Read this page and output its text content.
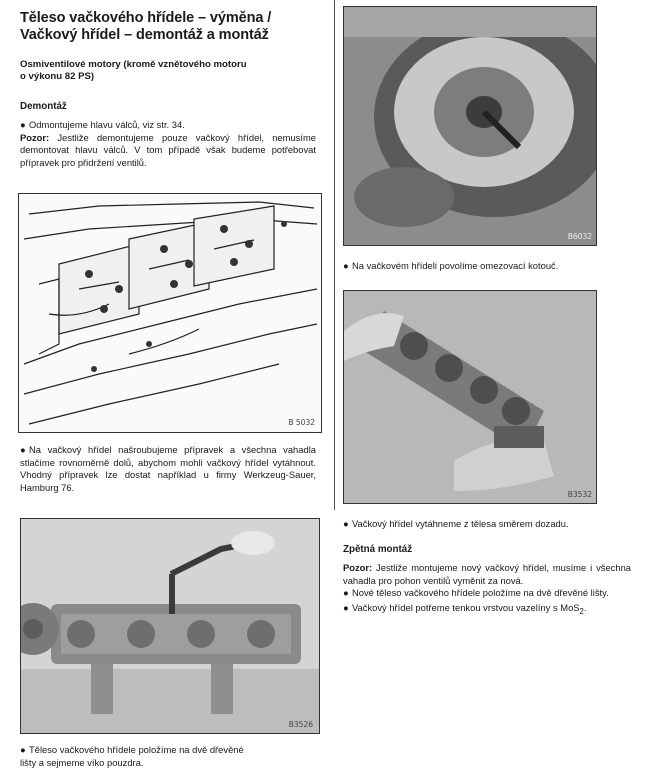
Těleso vačkového hřídele – výměna /
Vačkový hřídel – demontáž a montáž
Osmiventilové motory (kromě vznětového motoru
o výkonu 82 PS)
Demontáž

● Odmontujeme hlavu válců, viz str. 34.

Pozor: Jestliže demontujeme pouze vačkový hřídel, nemusíme demontovat hlavu válců. V tom případě však budeme potřebovat přípravek pro přidržení ventilů.

B 5032

● Na vačkový hřídel našroubujeme přípravek a všechna vahadla stlačíme rovnoměrně dolů, abychom mohli vačkový hřídel vytáhnout. Vhodný přípravek lze dostat například u firmy Werkzeug-Sauer, Hamburg 76.

B3526

● Těleso vačkového hřídele položíme na dvě dřevěné
lišty a sejmeme víko pouzdra.

B6032

● Na vačkovém hřídeli povolíme omezovací kotouč.

B3532

● Vačkový hřídel vytáhneme z tělesa směrem dozadu.

Zpětná montáž

Pozor: Jestliže montujeme nový vačkový hřídel, musíme i všechna vahadla pro pohon ventilů vyměnit za nová.

● Nové těleso vačkového hřídele položíme na dvě dřevěné lišty.

● Vačkový hřídel potřeme tenkou vrstvou vazelíny s MoS$_2$.
